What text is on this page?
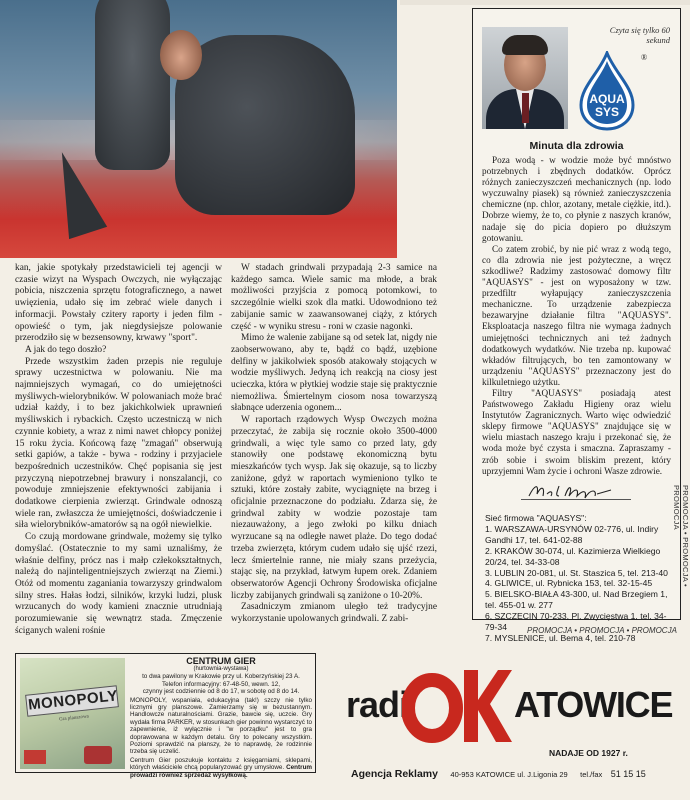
kan, jakie spotykały przedstawicieli tej agencji w czasie wizyt na Wyspach Owczych, nie wyłączając pobicia, niszczenia sprzętu fotograficznego, a nawet uwięzienia, udało się im zebrać wiele danych i informacji. Powstały czitery raporty i jeden film - opowieść o tym, jak niegdysiejsze polowanie przerodziło się w bezsensowny, krwawy "sport".

A jak do tego doszło?

Przede wszystkim żaden przepis nie reguluje sprawy uczestnictwa w polowaniu. Nie ma najmniejszych wymagań, co do umiejętności myśliwych-wielorybników. W polowaniach może brać udział każdy, i to bez jakichkolwiek uprawnień myśliwskich i rybackich. Często uczestniczą w nich czynnie kobiety, a wraz z nimi nawet chłopcy poniżej 15 roku życia. Końcową fazę "zmagań" obserwują setki gapiów, a także - bywa - rodziny i przyjaciele bezpośrednich uczestników. Chęć popisania się jest przyczyną niepotrzebnej brawury i nonszalancji, co powoduje zmniejszenie efektywności zabijania i dodatkowe cierpienia zwierząt. Grindwale odnoszą wiele ran, zwłaszcza że umiejętności, doświadczenie i siła wielorybników-amatorów są na ogół niewielkie.

Co czują mordowane grindwale, możemy się tylko domyślać. (Ostatecznie to my sami uznaliśmy, że właśnie delfiny, prócz nas i małp człekokształtnych, należą do najinteligentniejszych zwierząt na Ziemi.) Otóż od momentu zaganiania towarzyszy grindwalom silny stres. Hałas łodzi, silników, krzyki ludzi, plusk wrzucanych do wody kamieni znacznie utrudniają porozumiewanie się wewnątrz stada. Zmęczenie ściganych waleni rośnie

W stadach grindwali przypadają 2-3 samice na każdego samca. Wiele samic ma młode, a brak możliwości przyjścia z pomocą potomkowi, to szczególnie wielki szok dla matki. Udowodniono też zabijanie samic w zaawansowanej ciąży, z których część - w wyniku stresu - roni w czasie nagonki.

Mimo że walenie zabijane są od setek lat, nigdy nie zaobserwowano, aby te, bądź co bądź, uzębione delfiny w jakikolwiek sposób atakowały stojących w wodzie myśliwych. Jedyną ich reakcją na ciosy jest ucieczka, która w płytkiej wodzie staje się praktycznie niemożliwa. Śmiertelnym ciosom nosa towarzyszą słabnące uderzenia ogonem...

W raportach rządowych Wysp Owczych można przeczytać, że zabija się rocznie około 3500-4000 grindwali, a więc tyle samo co przed laty, gdy stanowiły one podstawę ekonomiczną bytu mieszkańców tych wysp. Jak się okazuje, są to liczby zaniżone, gdyż w raportach wymieniono tylko te sztuki, które zostały zabite, wyciągnięte na brzeg i oficjalnie przeznaczone do podziału. Zdarza się, że grindwal zabity w wodzie pozostaje tam niezauważony, a jego zwłoki po kilku dniach wyrzucane są na odległe nawet plaże. Do tego dodać trzeba zwierzęta, którym cudem udało się ujść rzezi, lecz śmiertelnie ranne, nie miały szans przeżycia, stając się, na przykład, łatwym łupem orek. Zdaniem obserwatorów Agencji Ochrony Środowiska oficjalne liczby zabijanych grindwali są zaniżone o 10-20%.

Zasadniczym zmianom uległo też tradycyjne wykorzystanie upolowanych grindwali. Z zabi-

Czyta się tylko 60 sekund
AQUA
SYS
®
Minuta dla zdrowia

Poza wodą - w wodzie może być mnóstwo potrzebnych i zbędnych dodatków. Oprócz różnych zanieczyszczeń mechanicznych (np. lodo wyczuwalny piasek) są również zanieczyszczenia chemiczne (np. chlor, azotany, metale ciężkie, itd.). Dobrze wiemy, że to, co płynie z naszych kranów, nadaje się do picia dopiero po dłuższym gotowaniu.

Co zatem zrobić, by nie pić wraz z wodą tego, co dla zdrowia nie jest pożyteczne, a wręcz szkodliwe? Radzimy zastosować domowy filtr "AQUASYS" - jest on wyposażony w tzw. przedfiltr wyłapujący zanieczyszczenia mechaniczne. To urządzenie zabezpiecza bezawaryjne działanie filtra "AQUASYS". Eksploatacja naszego filtra nie wymaga żadnych umiejętności technicznych ani też żadnych dodatkowych wydatków. Nie trzeba np. kupować wkładów filtrujących, bo ten zamontowany w urządzeniu "AQUASYS" przeznaczony jest do kilkuletniego użytku.

Filtry "AQUASYS" posiadają atest Państwowego Zakładu Higieny oraz wielu Instytutów Zagranicznych. Warto więc odwiedzić sklepy firmowe "AQUASYS" znajdujące się w wielu miastach naszego kraju i przekonać się, że woda może być czysta i smaczna. Zapraszamy - zrób sobie i swoim bliskim prezent, który uprzyjemni Wam życie i ochroni Wasze zdrowie.

Sieć firmowa "AQUASYS":
1. WARSZAWA-URSYNÓW 02-776, ul. Indiry Gandhi 17, tel. 641-02-88
2. KRAKÓW 30-074, ul. Kazimierza Wielkiego 20/24, tel. 34-33-08
3. LUBLIN 20-081, ul. St. Staszica 5, tel. 213-40
4. GLIWICE, ul. Rybnicka 153, tel. 32-15-45
5. BIELSKO-BIAŁA 43-300, ul. Nad Brzegiem 1, tel. 455-01 w. 277
6. SZCZECIN 70-233, Pl. Zwycięstwa 1, tel. 34-79-34
7. MYSLENICE, ul. Bema 4, tel. 210-78
PROMOCJA • PROMOCJA • PROMOCJA
PROMOCJA • PROMOCJA • PROMOCJA
MONOPOLY
Gra planszowa
CENTRUM GIER
(hurtownia-wystawa)
to dwa pawilony w Krakowie przy ul. Koberzyńskiej 23 A.
Telefon informacyjny: 67-48-50, wewn. 12,
czynny jest codziennie od 8 do 17, w sobotę od 8 do 14.
MONOPOLY, wspaniała, edukacyjna (tak!) szczy nie tylko licznymi gry planszowe. Zamierzamy się w bezustannym. Handlowcze naturalnościami. Grazie, bawcie się, uczcie. Gry wydała firma PARKER, w stosunkach gier powinno wystarczyć to zapewnienie, iż wyłącznie i "w porządku" jest to gra doprawowana w każdym detalu. Gry to polecany wszystkim. Poziomi sprawdzić na planszy, że to naprawdę, że rodzinnie trzeba się uczelić.
Centrum Gier poszukuje kontaktu z księgarniami, sklepami, których właściciele chcą popularyzować gry umysłowe. Centrum prowadzi również sprzedaż wysyłkową.
radi
OK
ATOWICE
NADAJE OD 1927 r.
Agencja Reklamy 40-953 KATOWICE ul. J.Ligonia 29 tel./fax 51 15 15
